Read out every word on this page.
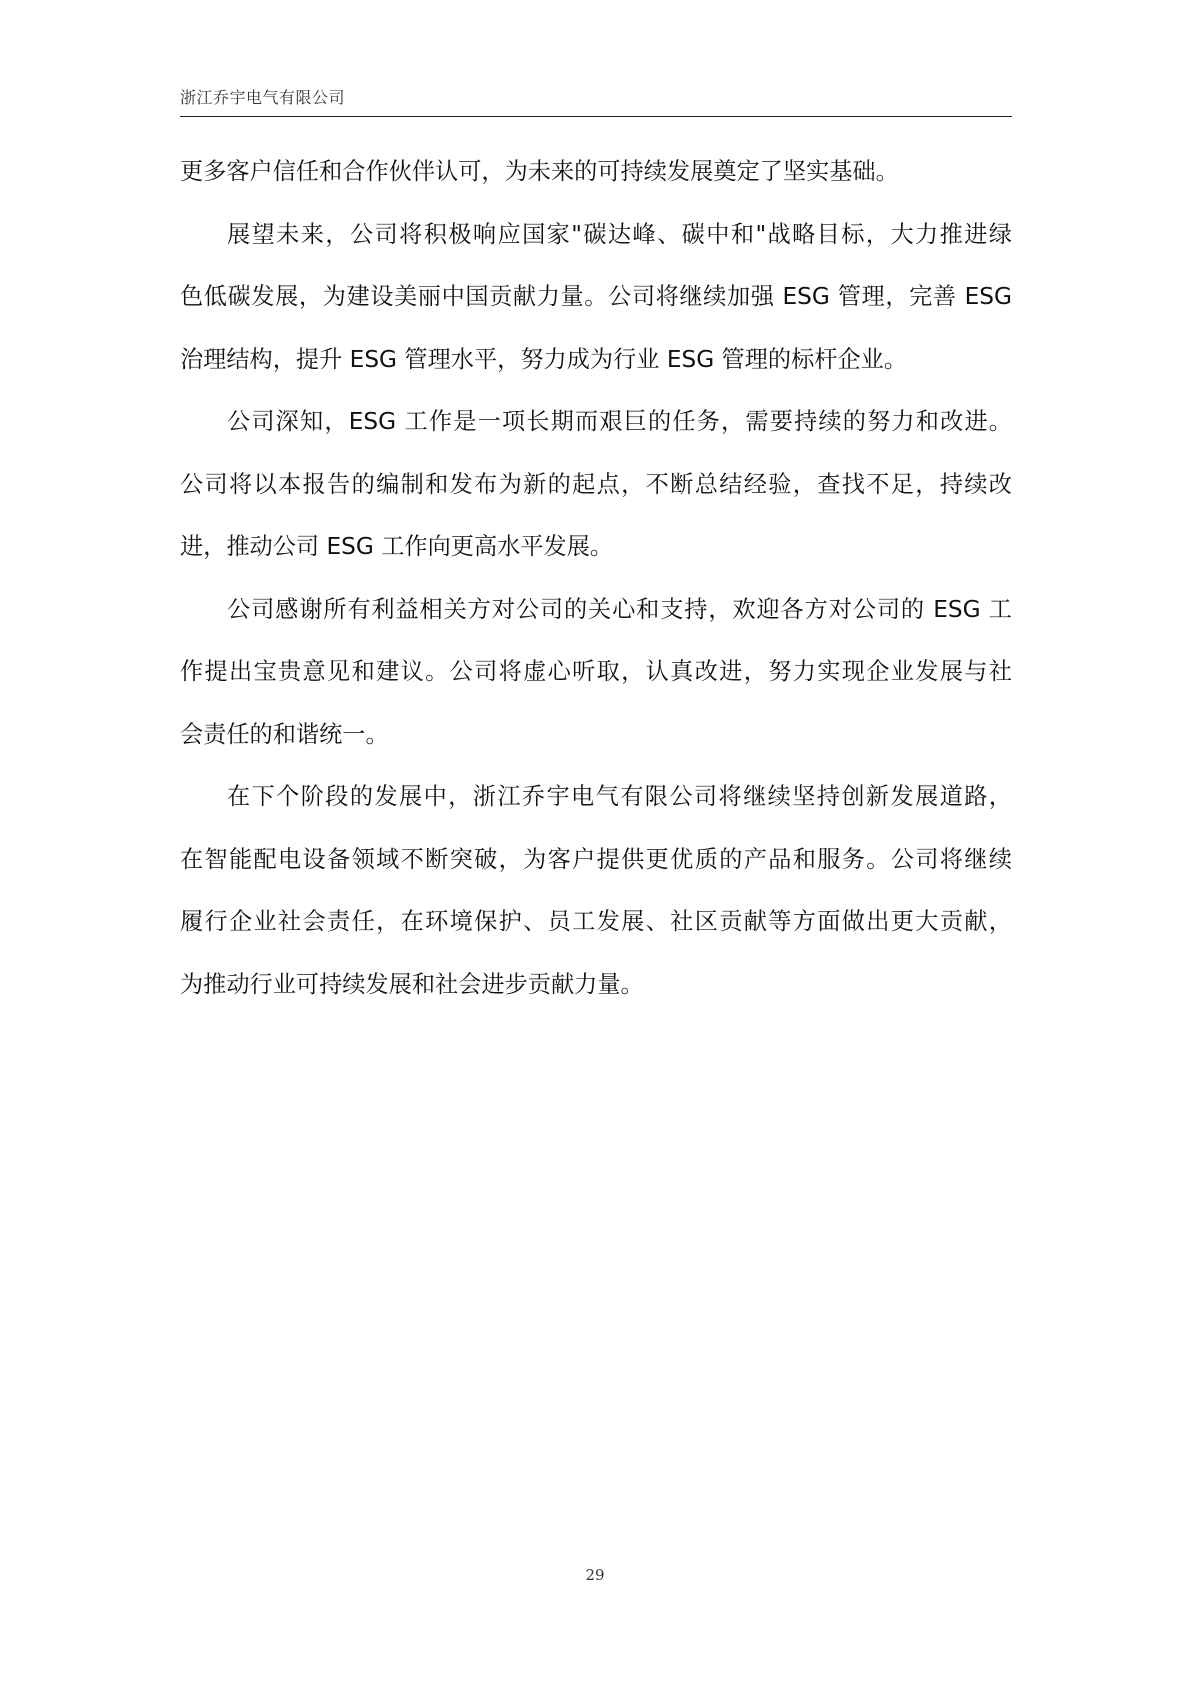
浙江乔宇电气有限公司
更多客户信任和合作伙伴认可，为未来的可持续发展奠定了坚实基础。
展望未来，公司将积极响应国家"碳达峰、碳中和"战略目标，大力推进绿
色低碳发展，为建设美丽中国贡献力量。公司将继续加强 ESG 管理，完善 ESG
治理结构，提升 ESG 管理水平，努力成为行业 ESG 管理的标杆企业。
公司深知，ESG 工作是一项长期而艰巨的任务，需要持续的努力和改进。
公司将以本报告的编制和发布为新的起点，不断总结经验，查找不足，持续改
进，推动公司 ESG 工作向更高水平发展。
公司感谢所有利益相关方对公司的关心和支持，欢迎各方对公司的 ESG 工
作提出宝贵意见和建议。公司将虚心听取，认真改进，努力实现企业发展与社
会责任的和谐统一。
在下个阶段的发展中，浙江乔宇电气有限公司将继续坚持创新发展道路，
在智能配电设备领域不断突破，为客户提供更优质的产品和服务。公司将继续
履行企业社会责任，在环境保护、员工发展、社区贡献等方面做出更大贡献，
为推动行业可持续发展和社会进步贡献力量。
29
